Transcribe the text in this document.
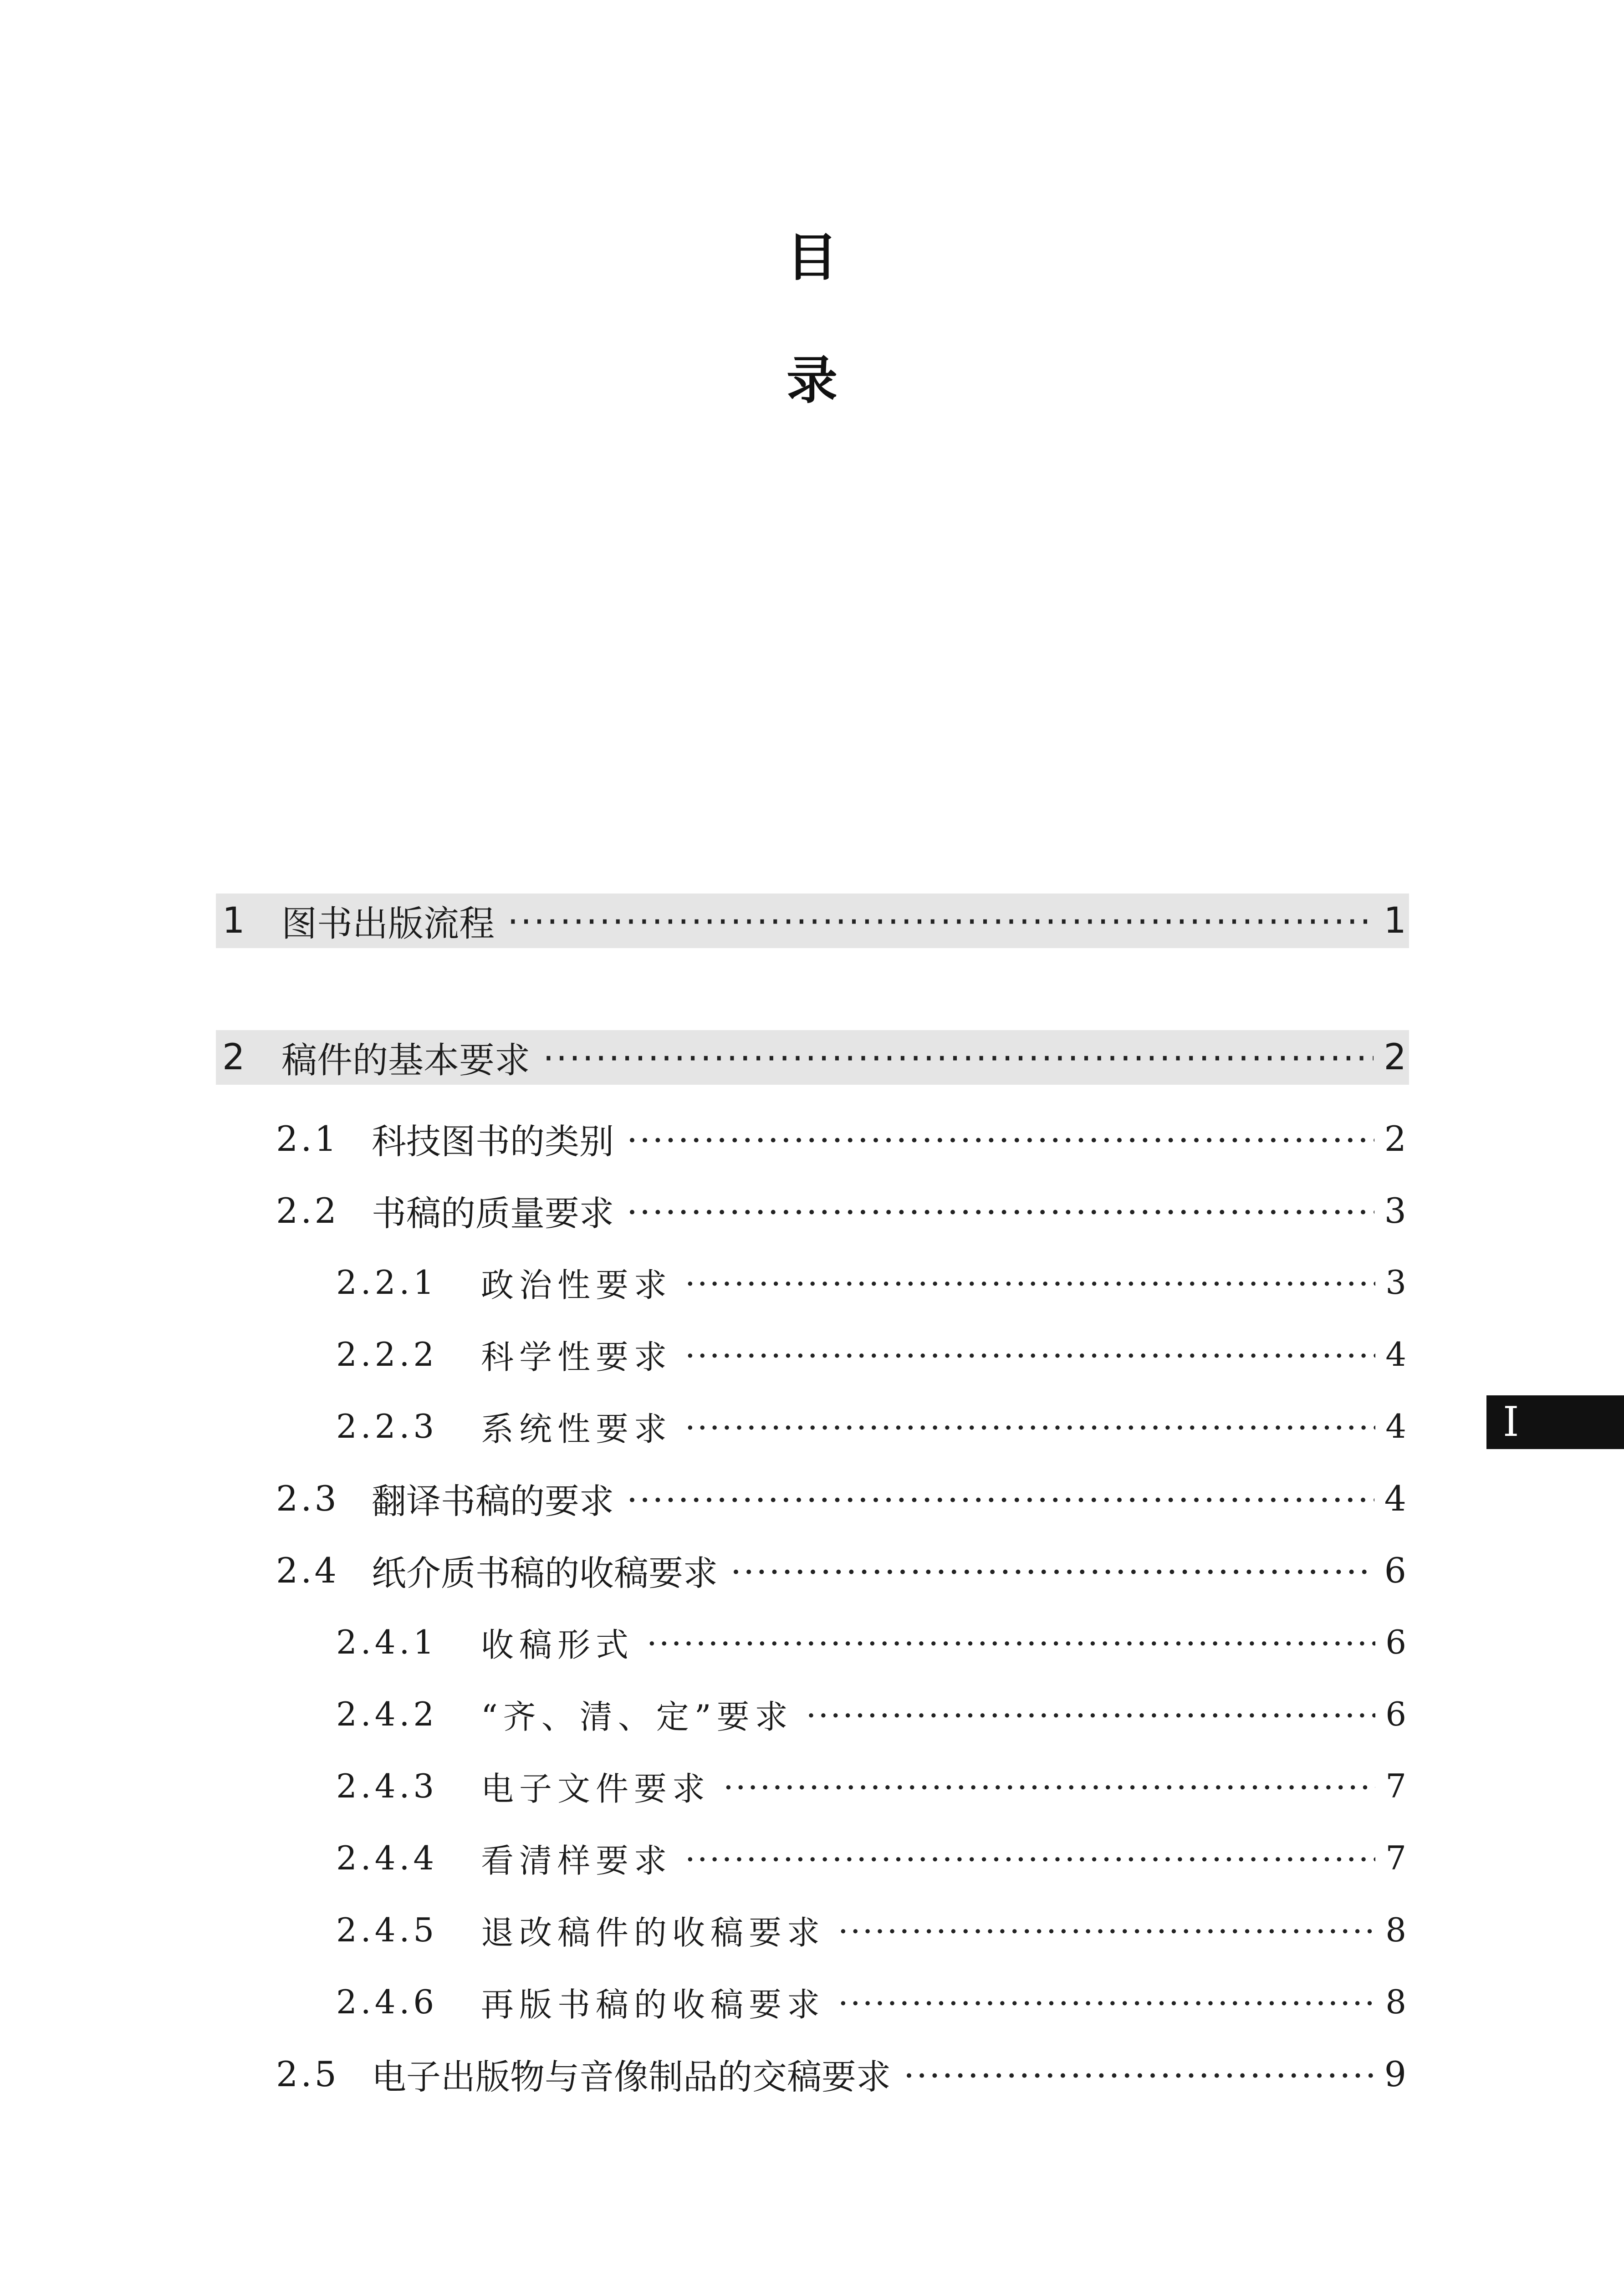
目
录
1	图书出版流程 ·····	1
2	稿件的基本要求 ·····	2
2.1 科技图书的类别 ·····	2
2.2 书稿的质量要求 ·····	3
2.2.1	政治性要求 ·····	3
2.2.2	科学性要求 ·····	4
2.2.3	系统性要求 ·····	4
2.3 翻译书稿的要求 ·····	4
2.4 纸介质书稿的收稿要求 ·····	6
2.4.1	收稿形式 ·····	6
2.4.2	“齐、清、定”要求 ·····	6
2.4.3	电子文件要求 ·····	7
2.4.4	看清样要求 ·····	7
2.4.5	退改稿件的收稿要求 ·····	8
2.4.6	再版书稿的收稿要求 ·····	8
2.5 电子出版物与音像制品的交稿要求 ·····	9
I
